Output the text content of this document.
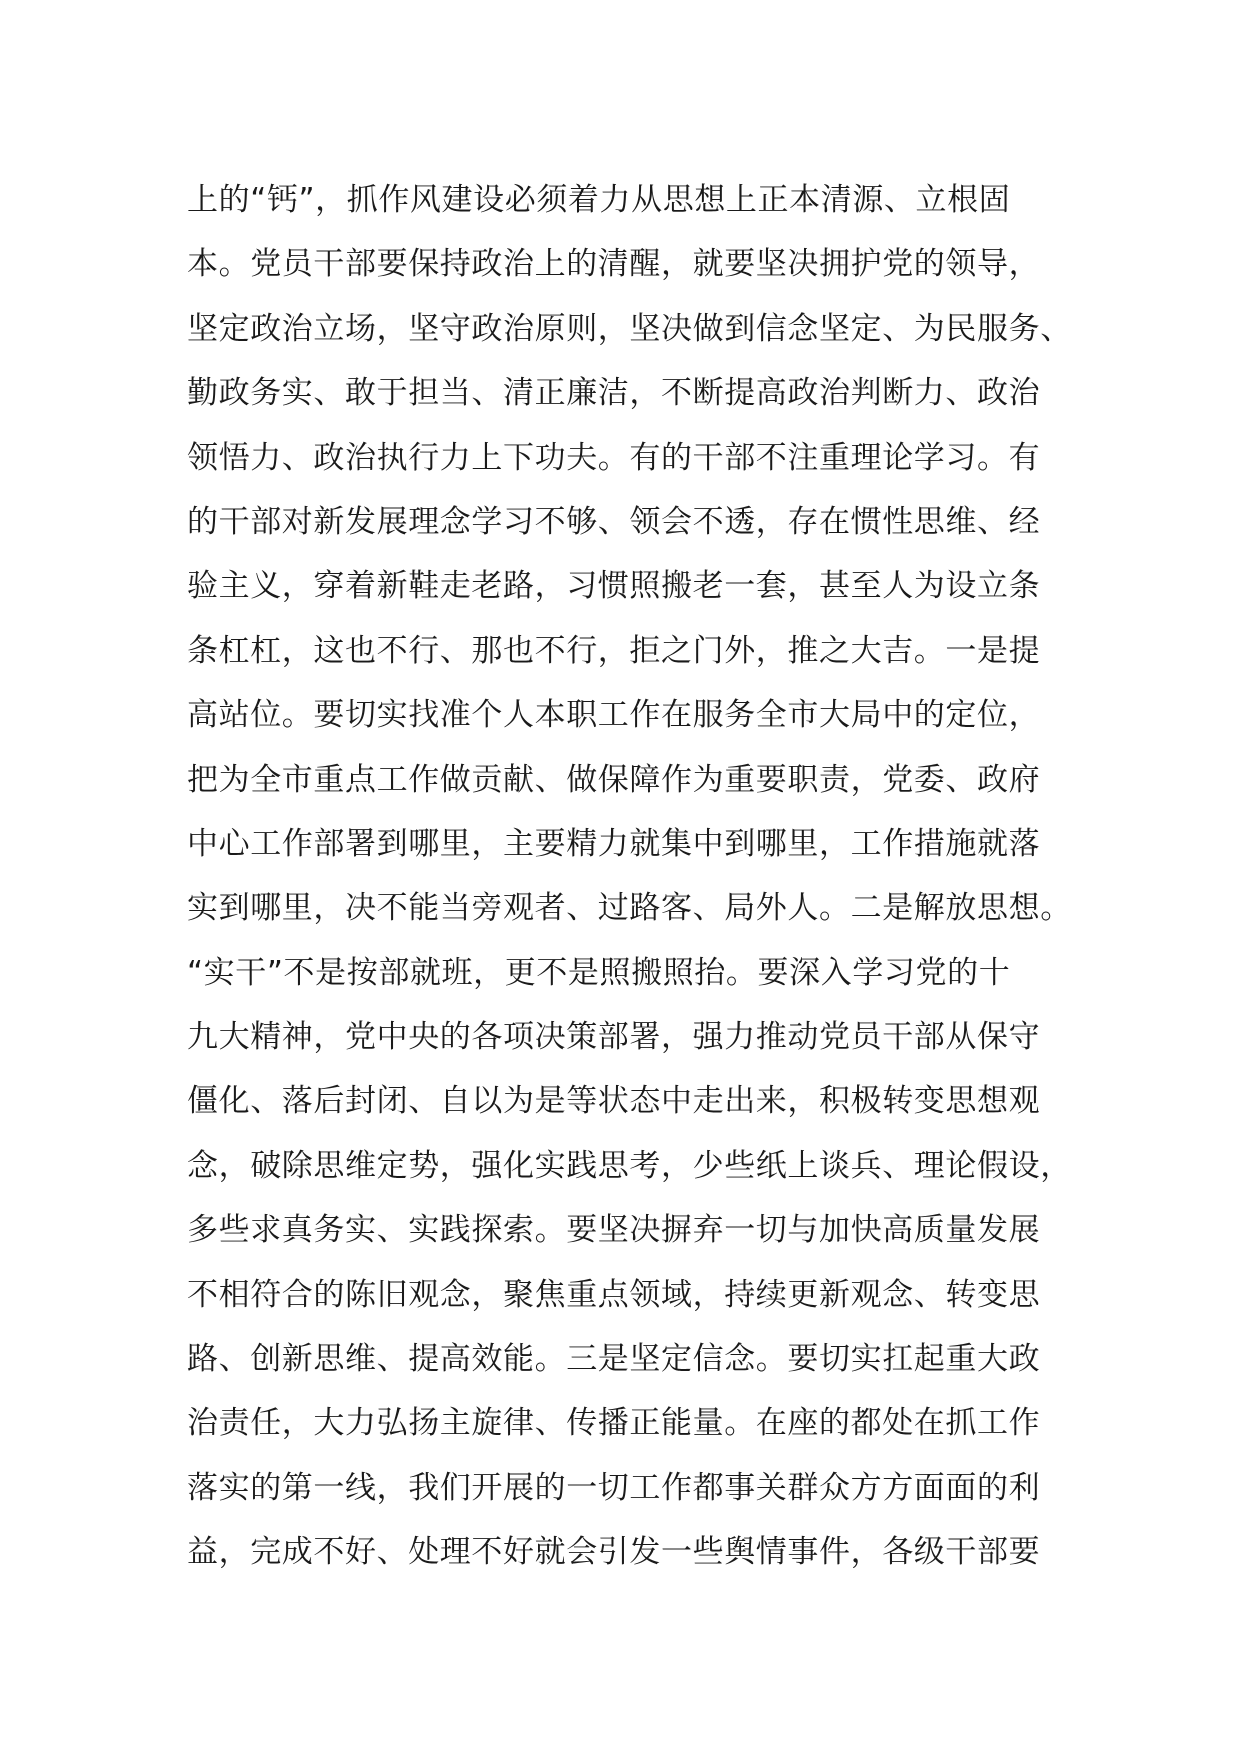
上的“钙”，抓作风建设必须着力从思想上正本清源、立根固
本。党员干部要保持政治上的清醒，就要坚决拥护党的领导，
坚定政治立场，坚守政治原则，坚决做到信念坚定、为民服务、
勤政务实、敢于担当、清正廉洁，不断提高政治判断力、政治
领悟力、政治执行力上下功夫。有的干部不注重理论学习。有
的干部对新发展理念学习不够、领会不透，存在惯性思维、经
验主义，穿着新鞋走老路，习惯照搬老一套，甚至人为设立条
条杠杠，这也不行、那也不行，拒之门外，推之大吉。一是提
高站位。要切实找准个人本职工作在服务全市大局中的定位，
把为全市重点工作做贡献、做保障作为重要职责，党委、政府
中心工作部署到哪里，主要精力就集中到哪里，工作措施就落
实到哪里，决不能当旁观者、过路客、局外人。二是解放思想。
“实干”不是按部就班，更不是照搬照抬。要深入学习党的十
九大精神，党中央的各项决策部署，强力推动党员干部从保守
僵化、落后封闭、自以为是等状态中走出来，积极转变思想观
念，破除思维定势，强化实践思考，少些纸上谈兵、理论假设，
多些求真务实、实践探索。要坚决摒弃一切与加快高质量发展
不相符合的陈旧观念，聚焦重点领域，持续更新观念、转变思
路、创新思维、提高效能。三是坚定信念。要切实扛起重大政
治责任，大力弘扬主旋律、传播正能量。在座的都处在抓工作
落实的第一线，我们开展的一切工作都事关群众方方面面的利
益，完成不好、处理不好就会引发一些舆情事件，各级干部要
